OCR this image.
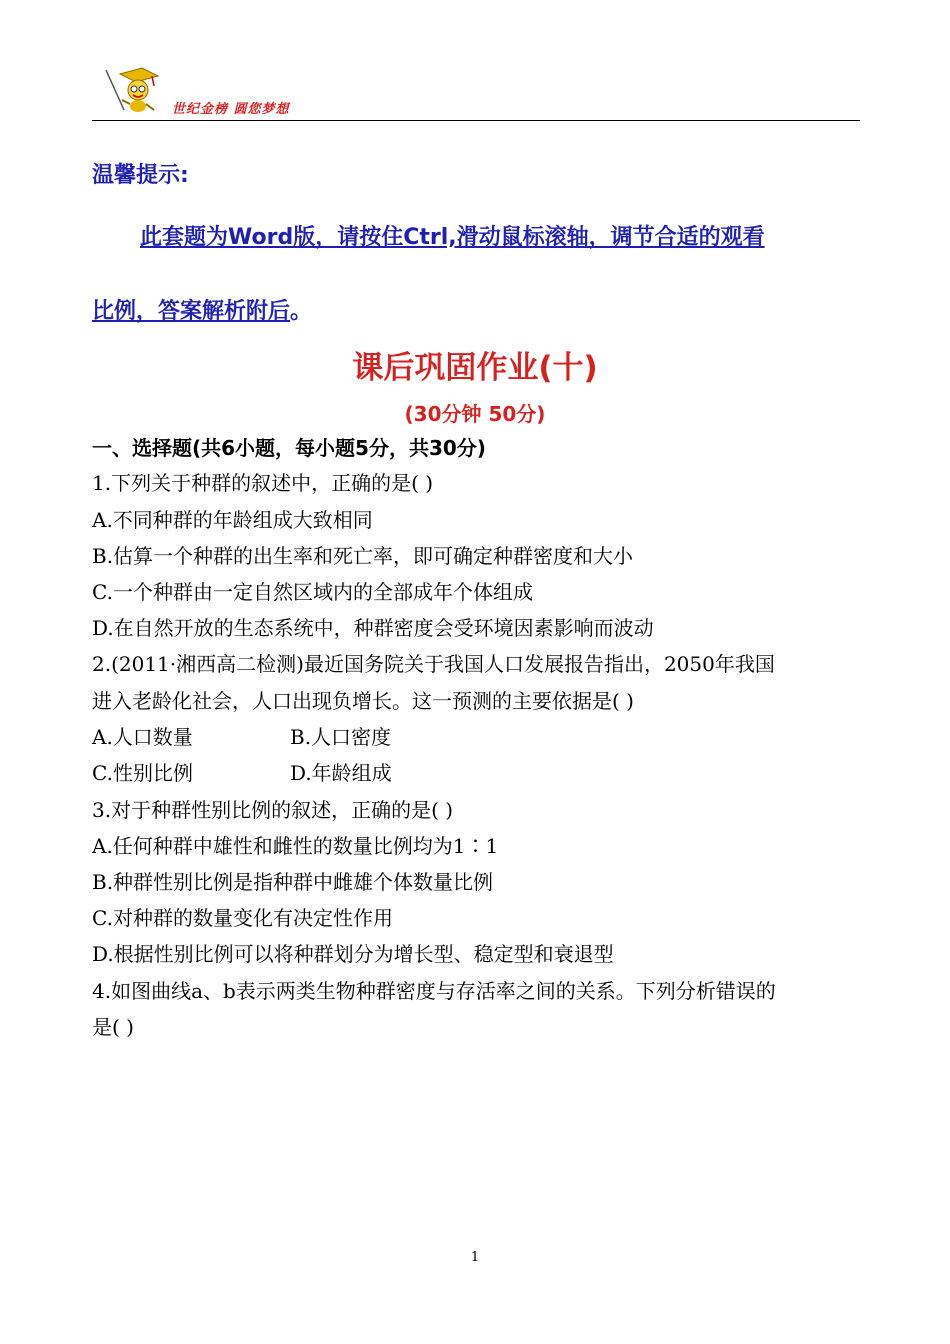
世纪金榜 圆您梦想
温馨提示:
此套题为Word版，请按住Ctrl,滑动鼠标滚轴，调节合适的观看
比例，答案解析附后。
课后巩固作业(十)
(30分钟 50分)
一、选择题(共6小题，每小题5分，共30分)
1.下列关于种群的叙述中，正确的是( )
A.不同种群的年龄组成大致相同
B.估算一个种群的出生率和死亡率，即可确定种群密度和大小
C.一个种群由一定自然区域内的全部成年个体组成
D.在自然开放的生态系统中，种群密度会受环境因素影响而波动
2.(2011·湘西高二检测)最近国务院关于我国人口发展报告指出，2050年我国
进入老龄化社会，人口出现负增长。这一预测的主要依据是( )
A.人口数量	B.人口密度
C.性别比例	D.年龄组成
3.对于种群性别比例的叙述，正确的是( )
A.任何种群中雄性和雌性的数量比例均为1∶1
B.种群性别比例是指种群中雌雄个体数量比例
C.对种群的数量变化有决定性作用
D.根据性别比例可以将种群划分为增长型、稳定型和衰退型
4.如图曲线a、b表示两类生物种群密度与存活率之间的关系。下列分析错误的
是( )
1
